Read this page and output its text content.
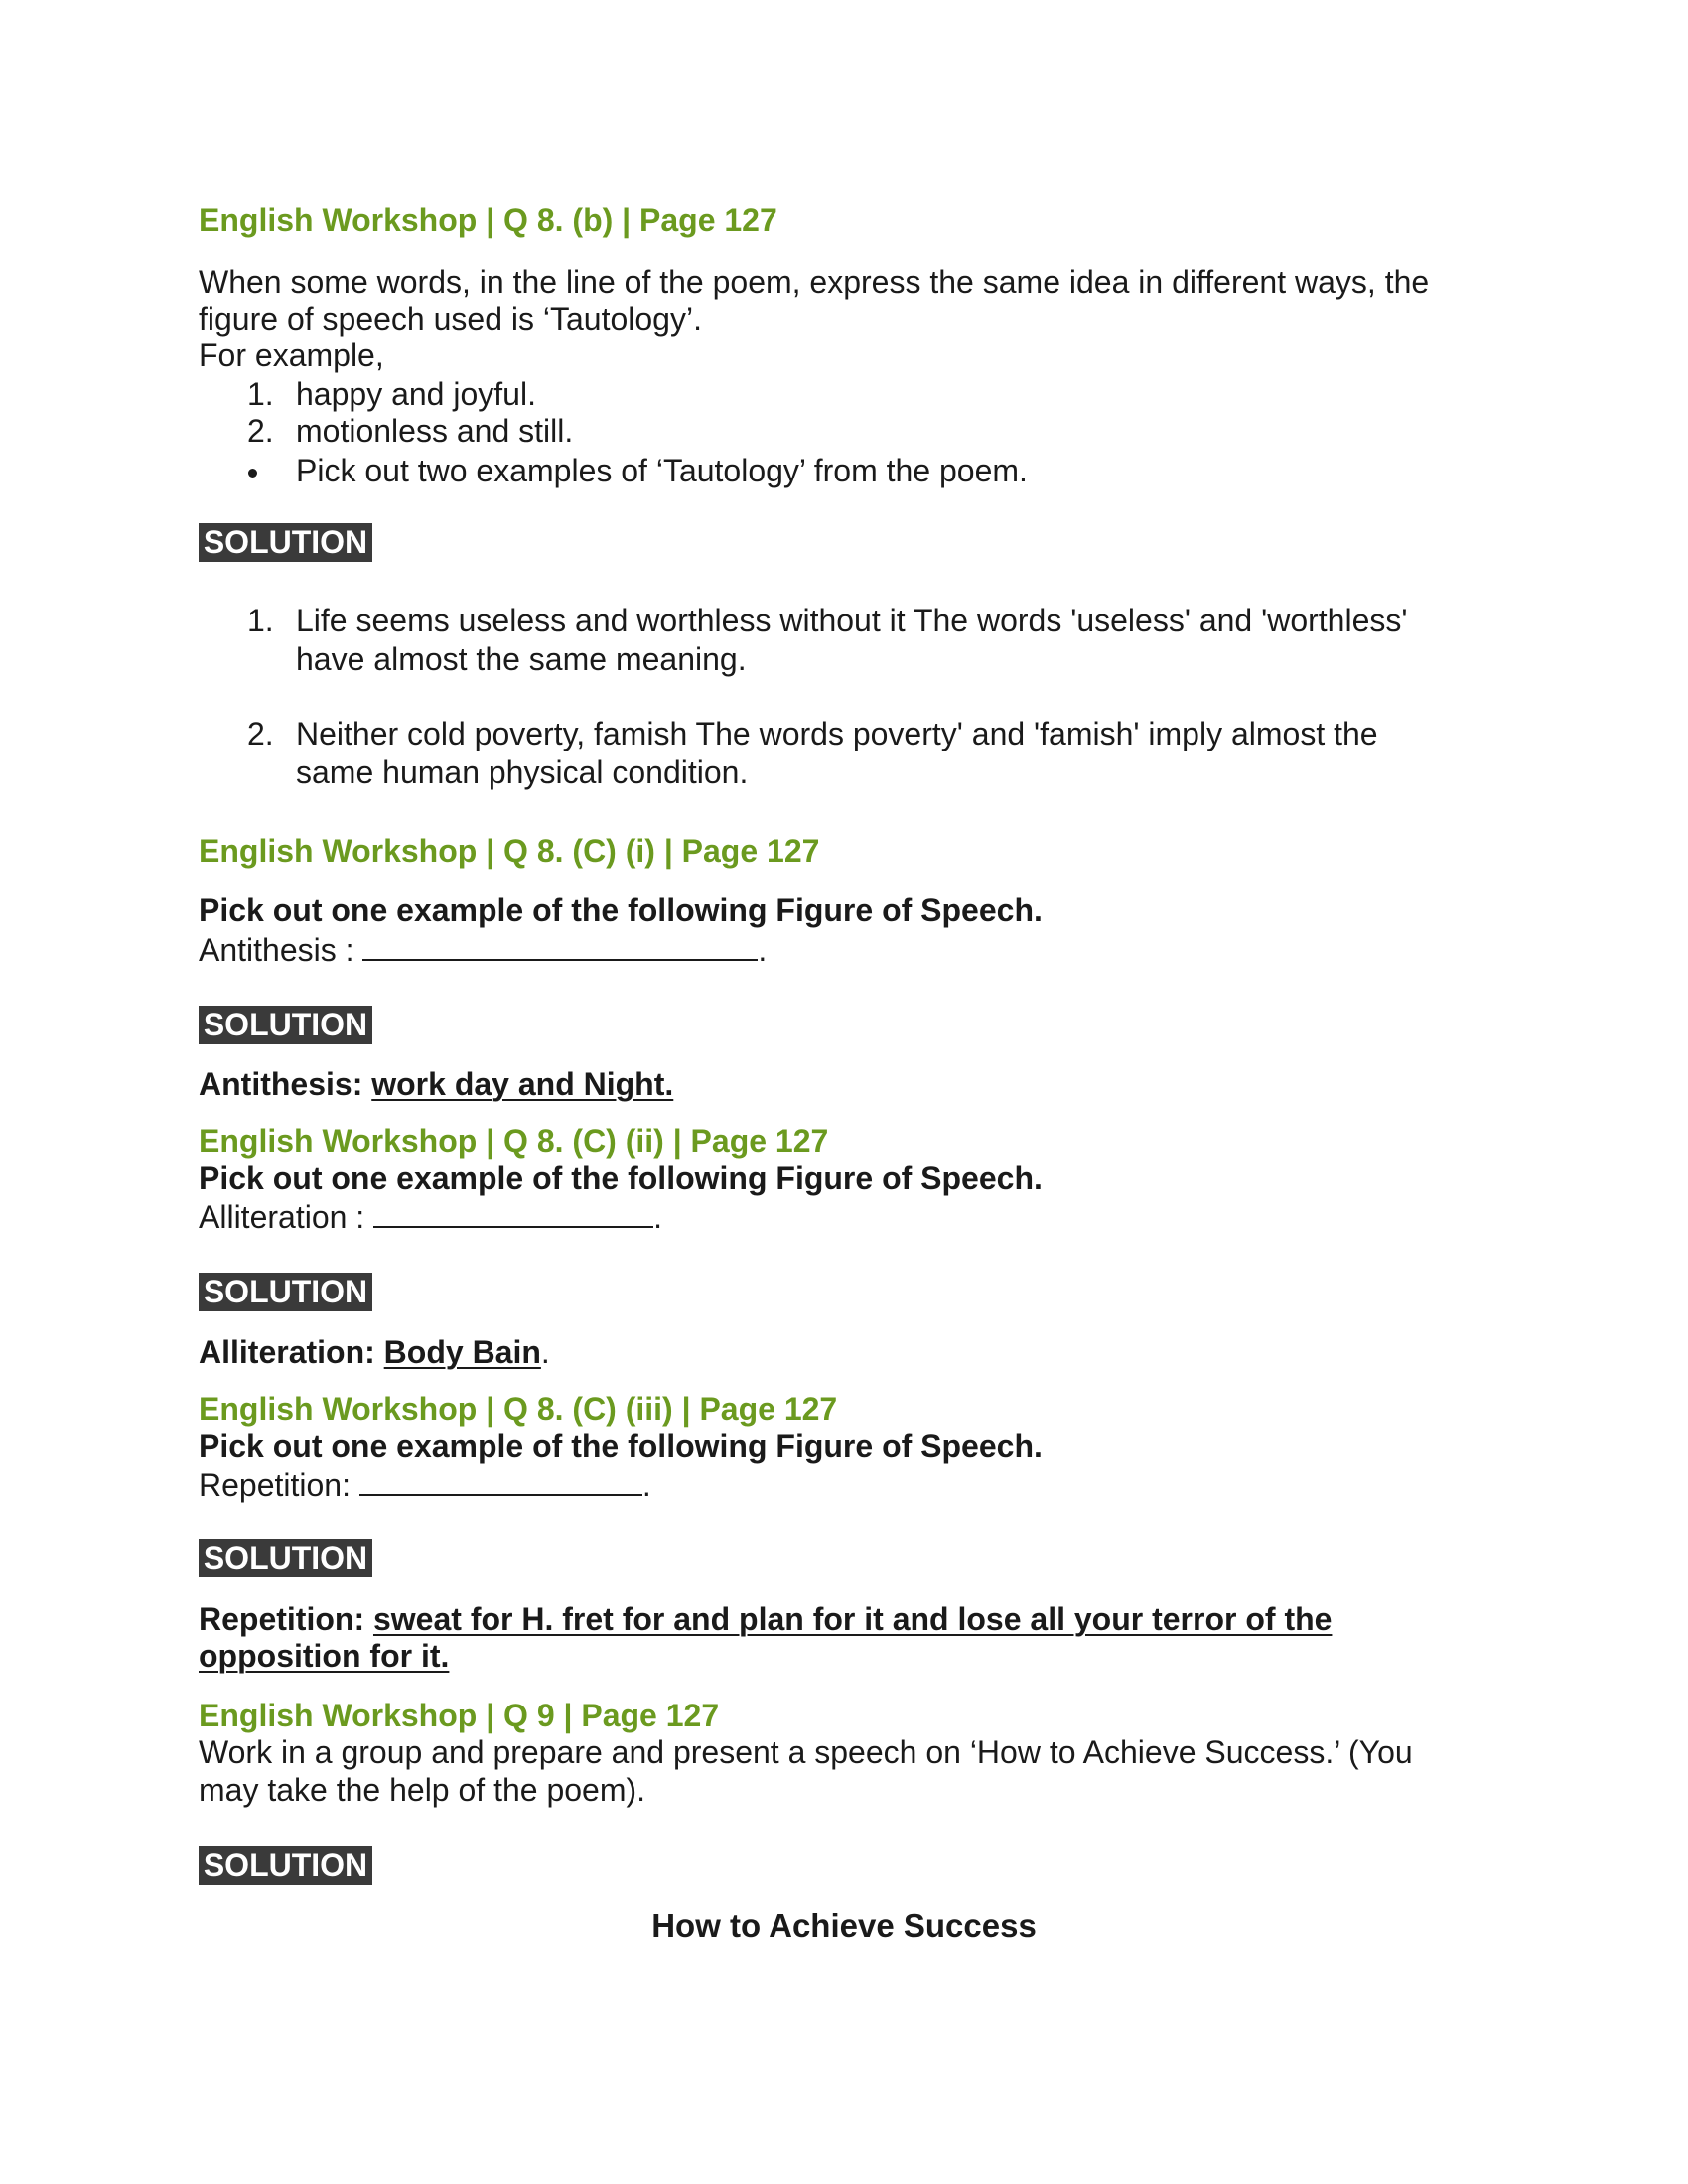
English Workshop | Q 8. (b) | Page 127
When some words, in the line of the poem, express the same idea in different ways, the
figure of speech used is ‘Tautology’.
For example,
1. happy and joyful.
2. motionless and still.
Pick out two examples of ‘Tautology’ from the poem.
SOLUTION
1. Life seems useless and worthless without it The words 'useless' and 'worthless'
have almost the same meaning.
2. Neither cold poverty, famish The words poverty' and 'famish' imply almost the
same human physical condition.
English Workshop | Q 8. (C) (i) | Page 127
Pick out one example of the following Figure of Speech.
Antithesis :	.
SOLUTION
Antithesis: work day and Night.
English Workshop | Q 8. (C) (ii) | Page 127
Pick out one example of the following Figure of Speech.
Alliteration :	.
SOLUTION
Alliteration: Body Bain.
English Workshop | Q 8. (C) (iii) | Page 127
Pick out one example of the following Figure of Speech.
Repetition:	.
SOLUTION
Repetition: sweat for H. fret for and plan for it and lose all your terror of the
opposition for it.
English Workshop | Q 9 | Page 127
Work in a group and prepare and present a speech on ‘How to Achieve Success.’ (You
may take the help of the poem).
SOLUTION
How to Achieve Success
